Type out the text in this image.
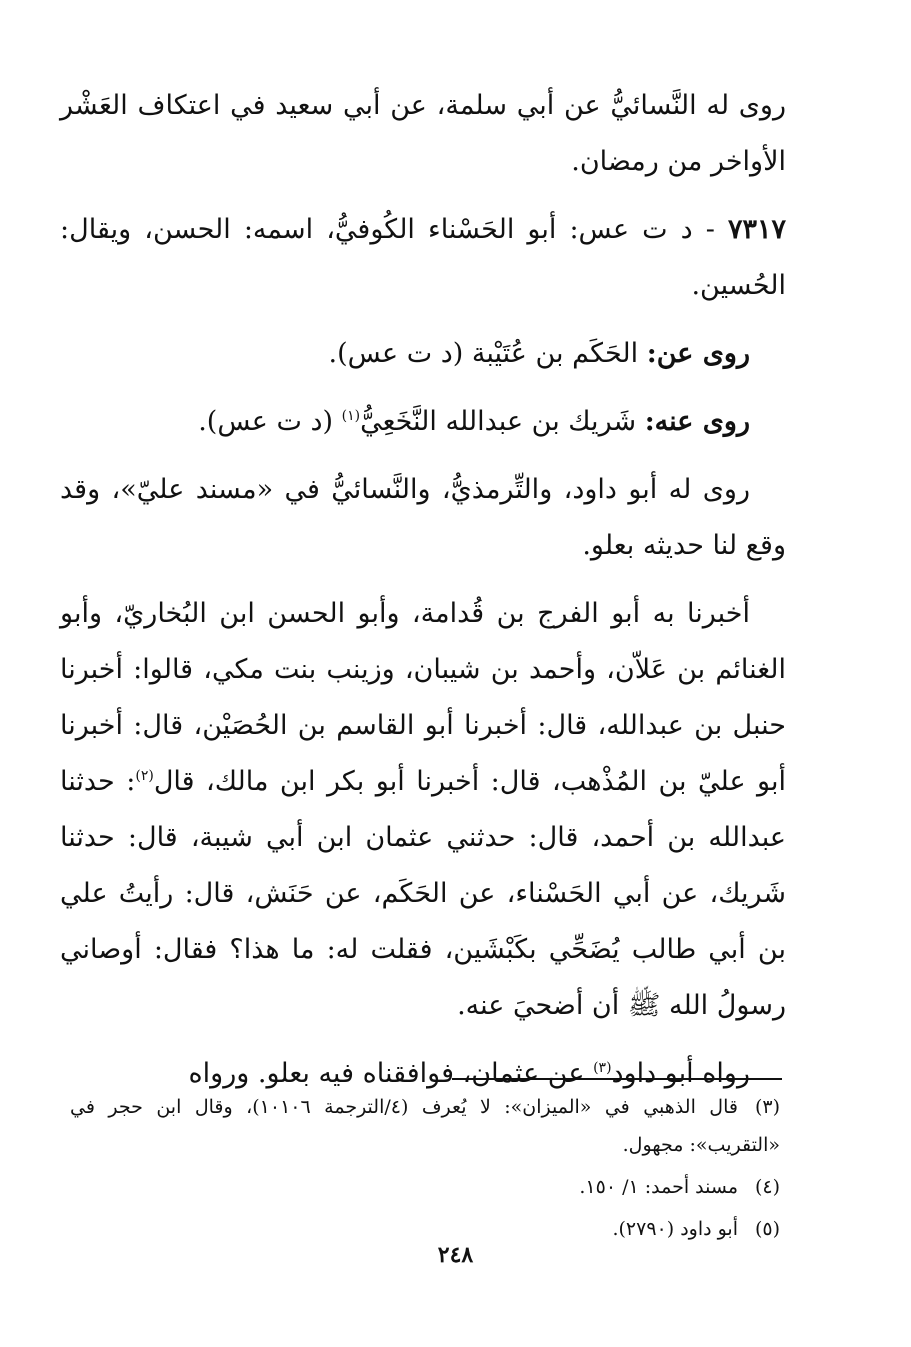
روى له النَّسائيُّ عن أبي سلمة، عن أبي سعيد في اعتكاف العَشْر الأواخر من رمضان.

٧٣١٧ - د ت عس: أبو الحَسْناء الكُوفيُّ، اسمه: الحسن، ويقال: الحُسين.

روى عن: الحَكَم بن عُتَيْبة (د ت عس).

روى عنه: شَريك بن عبدالله النَّخَعِيُّ$^{(١)}$ (د ت عس).

روى له أبو داود، والتِّرمذيُّ، والنَّسائيُّ في «مسند عليّ»، وقد وقع لنا حديثه بعلو.

أخبرنا به أبو الفرج بن قُدامة، وأبو الحسن ابن البُخاريّ، وأبو الغنائم بن عَلاّن، وأحمد بن شيبان، وزينب بنت مكي، قالوا: أخبرنا حنبل بن عبدالله، قال: أخبرنا أبو القاسم بن الحُصَيْن، قال: أخبرنا أبو عليّ بن المُذْهب، قال: أخبرنا أبو بكر ابن مالك، قال$^{(٢)}$: حدثنا عبدالله بن أحمد، قال: حدثني عثمان ابن أبي شيبة، قال: حدثنا شَريك، عن أبي الحَسْناء، عن الحَكَم، عن حَنَش، قال: رأيتُ علي بن أبي طالب يُضَحِّي بكَبْشَين، فقلت له: ما هذا؟ فقال: أوصاني رسولُ الله ﷺ أن أضحيَ عنه.

رواه أبو داود$^{(٣)}$ عن عثمان، فوافقناه فيه بعلو. ورواه

(٣)قال الذهبي في «الميزان»: لا يُعرف (٤/الترجمة ١٠١٠٦)، وقال ابن حجر في «التقريب»: مجهول.

(٤)مسند أحمد: ١/ ١٥٠.

(٥)أبو داود (٢٧٩٠).

٢٤٨
